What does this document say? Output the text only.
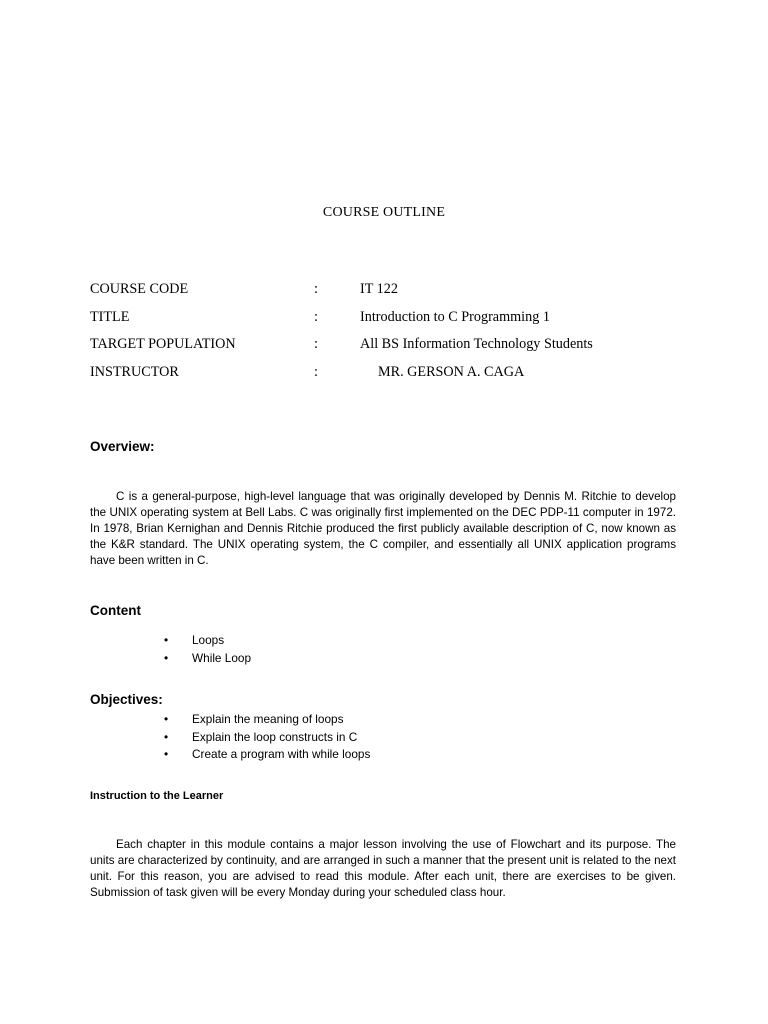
COURSE OUTLINE
COURSE CODE	:	IT 122
TITLE	:	Introduction to C Programming 1
TARGET POPULATION	:	All BS Information Technology Students
INSTRUCTOR	:	MR. GERSON A. CAGA
Overview:

C is a general-purpose, high-level language that was originally developed by Dennis M. Ritchie to develop the UNIX operating system at Bell Labs. C was originally first implemented on the DEC PDP-11 computer in 1972. In 1978, Brian Kernighan and Dennis Ritchie produced the first publicly available description of C, now known as the K&R standard. The UNIX operating system, the C compiler, and essentially all UNIX application programs have been written in C.

Content
• Loops
• While Loop
Objectives:
• Explain the meaning of loops
• Explain the loop constructs in C
• Create a program with while loops
Instruction to the Learner

Each chapter in this module contains a major lesson involving the use of Flowchart and its purpose. The units are characterized by continuity, and are arranged in such a manner that the present unit is related to the next unit. For this reason, you are advised to read this module. After each unit, there are exercises to be given. Submission of task given will be every Monday during your scheduled class hour.
